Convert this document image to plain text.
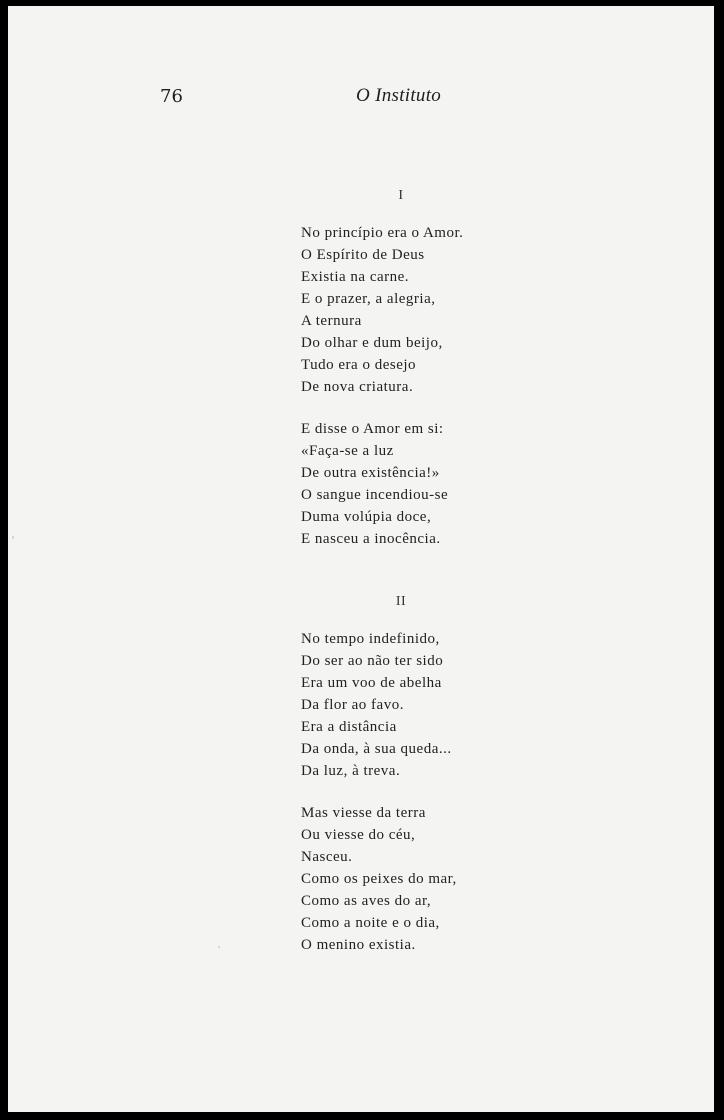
76	O Instituto
I
No princípio era o Amor.
O Espírito de Deus
Existia na carne.
E o prazer, a alegria,
A ternura
Do olhar e dum beijo,
Tudo era o desejo
De nova criatura.
E disse o Amor em si:
«Faça-se a luz
De outra existência!»
O sangue incendiou-se
Duma volúpia doce,
E nasceu a inocência.
II
No tempo indefinido,
Do ser ao não ter sido
Era um voo de abelha
Da flor ao favo.
Era a distância
Da onda, à sua queda...
Da luz, à treva.
Mas viesse da terra
Ou viesse do céu,
Nasceu.
Como os peixes do mar,
Como as aves do ar,
Como a noite e o dia,
O menino existia.
